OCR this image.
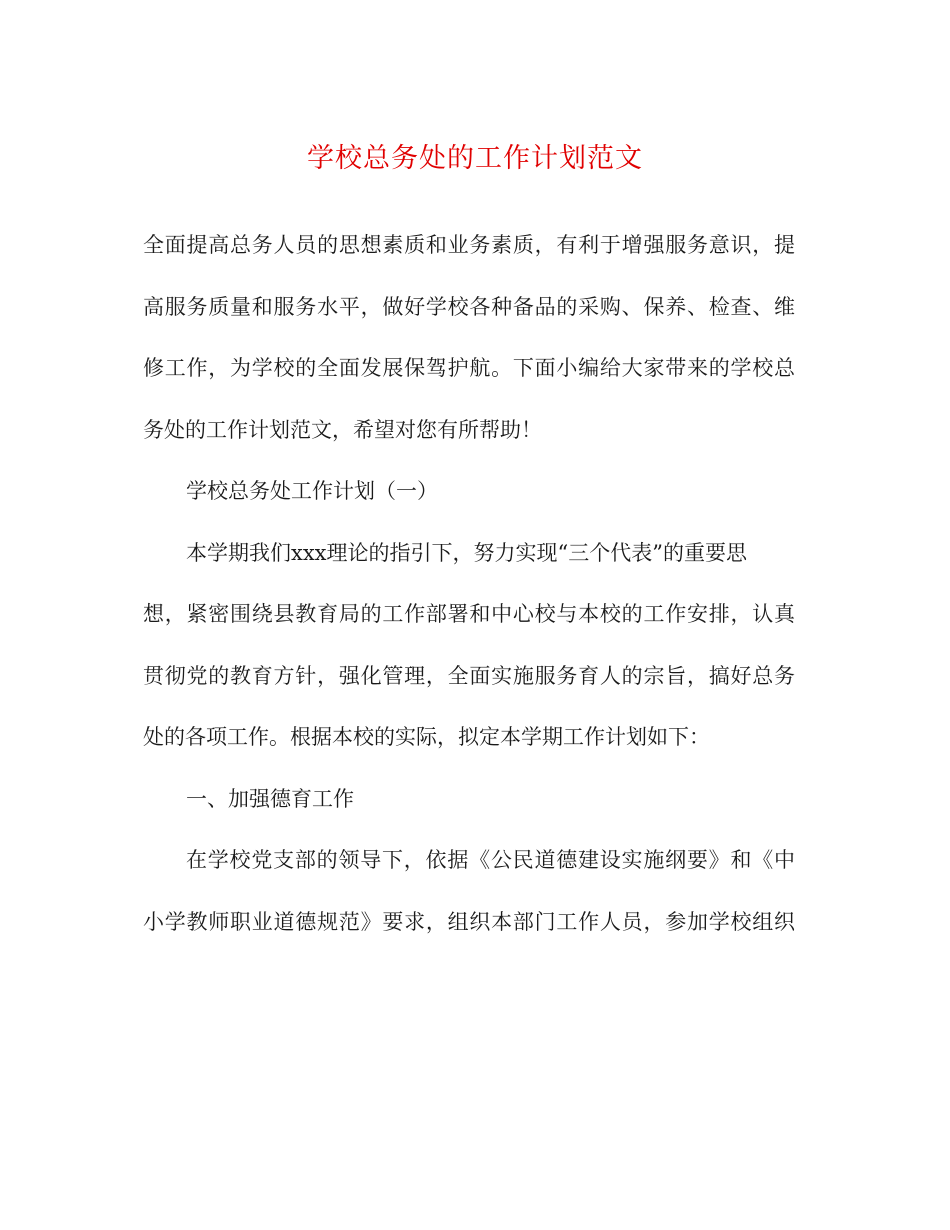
学校总务处的工作计划范文
全面提高总务人员的思想素质和业务素质，有利于增强服务意识，提
高服务质量和服务水平，做好学校各种备品的采购、保养、检查、维
修工作，为学校的全面发展保驾护航。下面小编给大家带来的学校总
务处的工作计划范文，希望对您有所帮助！
学校总务处工作计划（一）
本学期我们xxx理论的指引下，努力实现“三个代表”的重要思
想，紧密围绕县教育局的工作部署和中心校与本校的工作安排，认真
贯彻党的教育方针，强化管理，全面实施服务育人的宗旨，搞好总务
处的各项工作。根据本校的实际，拟定本学期工作计划如下：
一、加强德育工作
在学校党支部的领导下，依据《公民道德建设实施纲要》和《中
小学教师职业道德规范》要求，组织本部门工作人员，参加学校组织
